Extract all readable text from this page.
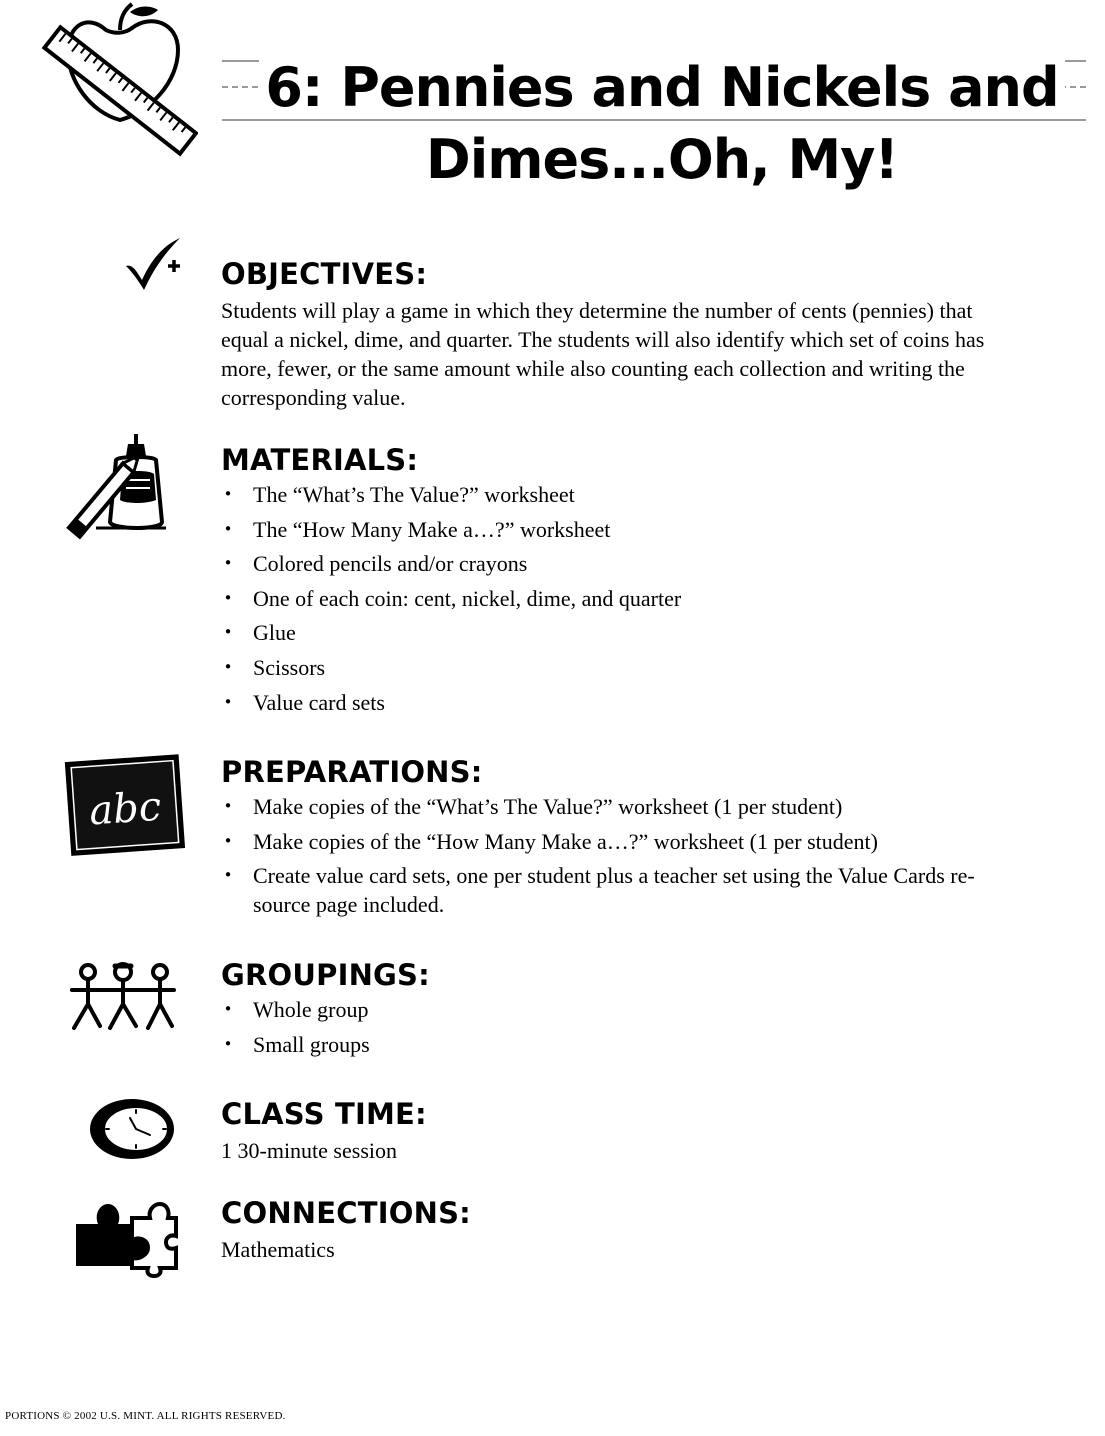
6: Pennies and Nickels and
Dimes...Oh, My!
OBJECTIVES:

Students will play a game in which they determine the number of cents (pennies) that
equal a nickel, dime, and quarter. The students will also identify which set of coins has
more, fewer, or the same amount while also counting each collection and writing the
corresponding value.

MATERIALS:
• The “What’s The Value?” worksheet
• The “How Many Make a…?” worksheet
• Colored pencils and/or crayons
• One of each coin: cent, nickel, dime, and quarter
• Glue
• Scissors
• Value card sets
abc
PREPARATIONS:
• Make copies of the “What’s The Value?” worksheet (1 per student)
• Make copies of the “How Many Make a…?” worksheet (1 per student)
• Create value card sets, one per student plus a teacher set using the Value Cards re-
source page included.
GROUPINGS:
• Whole group
• Small groups
CLASS TIME:

1 30-minute session

CONNECTIONS:

Mathematics

PORTIONS © 2002 U.S. MINT. ALL RIGHTS RESERVED.
